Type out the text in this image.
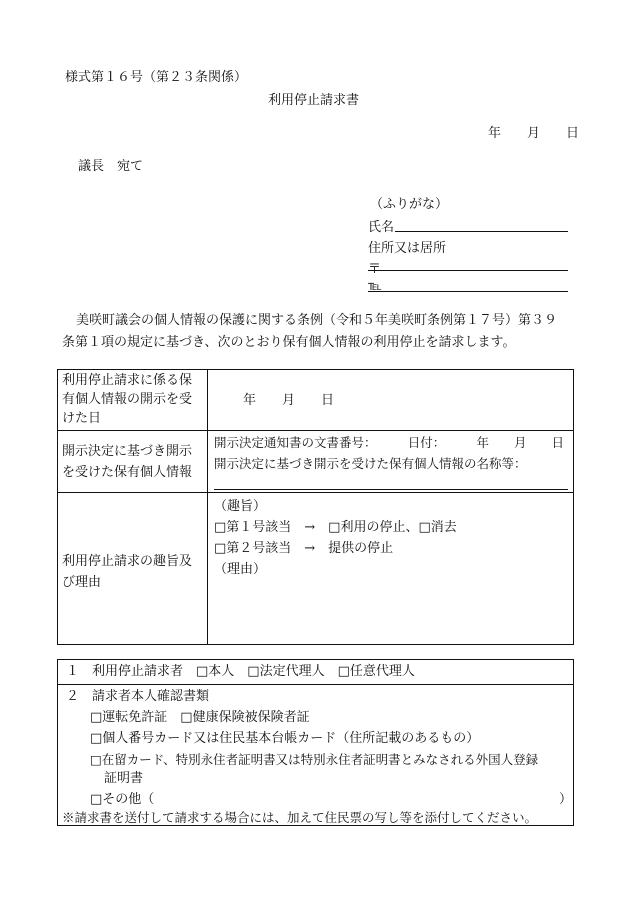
様式第１６号（第２３条関係）
利用停止請求書
年　　月　　日
議長　宛て
（ふりがな）
氏名
住所又は居所
〒
℡
美咲町議会の個人情報の保護に関する条例（令和５年美咲町条例第１７号）第３９
条第１項の規定に基づき、次のとおり保有個人情報の利用停止を請求します。
利用停止請求に係る保
有個人情報の開示を受
けた日
年　　月　　日
開示決定に基づき開示
を受けた保有個人情報
開示決定通知書の文書番号：　　　日付：　　　年　　月　　日
開示決定に基づき開示を受けた保有個人情報の名称等：
利用停止請求の趣旨及
び理由
（趣旨）
□第１号該当　→　□利用の停止、□消去
□第２号該当　→　提供の停止
（理由）
１　利用停止請求者　□本人　□法定代理人　□任意代理人
２　請求者本人確認書類
□運転免許証　□健康保険被保険者証
□個人番号カード又は住民基本台帳カード（住所記載のあるもの）
□在留カード、特別永住者証明書又は特別永住者証明書とみなされる外国人登録
証明書
□その他（	）
※請求書を送付して請求する場合には、加えて住民票の写し等を添付してください。
